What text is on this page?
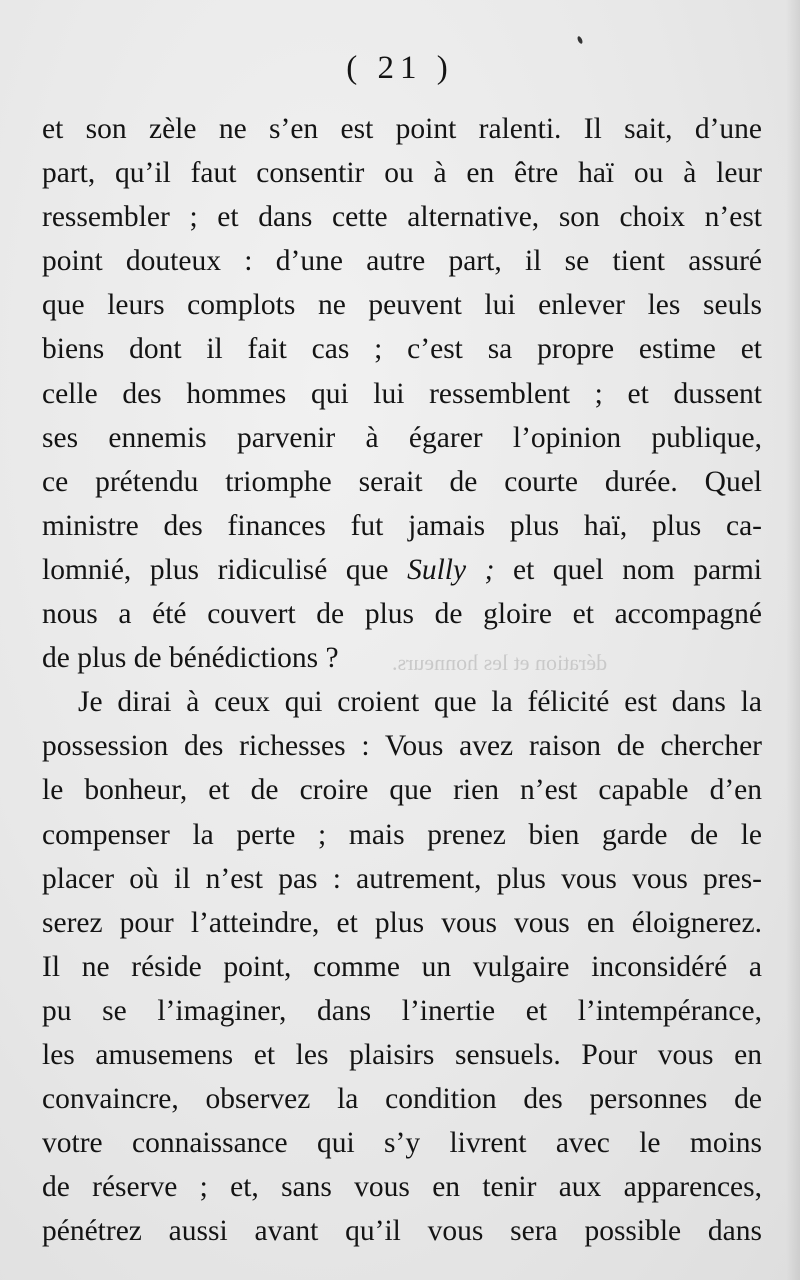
( 21 )
dération et les honneurs.
et son zèle ne s’en est point ralenti. Il sait, d’une
part, qu’il faut consentir ou à en être haï ou à leur
ressembler ; et dans cette alternative, son choix n’est
point douteux : d’une autre part, il se tient assuré
que leurs complots ne peuvent lui enlever les seuls
biens dont il fait cas ; c’est sa propre estime et
celle des hommes qui lui ressemblent ; et dussent
ses ennemis parvenir à égarer l’opinion publique,
ce prétendu triomphe serait de courte durée. Quel
ministre des finances fut jamais plus haï, plus ca-
lomnié, plus ridiculisé que Sully ; et quel nom parmi
nous a été couvert de plus de gloire et accompagné
de plus de bénédictions ?
Je dirai à ceux qui croient que la félicité est dans la
possession des richesses : Vous avez raison de chercher
le bonheur, et de croire que rien n’est capable d’en
compenser la perte ; mais prenez bien garde de le
placer où il n’est pas : autrement, plus vous vous pres-
serez pour l’atteindre, et plus vous vous en éloignerez.
Il ne réside point, comme un vulgaire inconsidéré a
pu se l’imaginer, dans l’inertie et l’intempérance,
les amusemens et les plaisirs sensuels. Pour vous en
convaincre, observez la condition des personnes de
votre connaissance qui s’y livrent avec le moins
de réserve ; et, sans vous en tenir aux apparences,
pénétrez aussi avant qu’il vous sera possible dans
